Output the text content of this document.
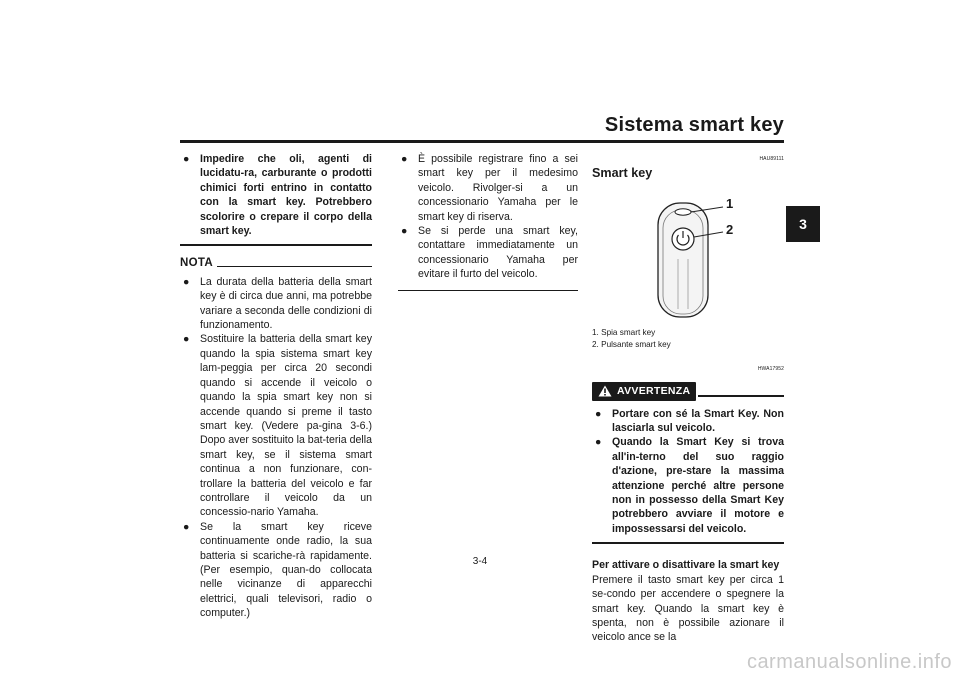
Sistema smart key
3
● Impedire che oli, agenti di lucidatu-ra, carburante o prodotti chimici forti entrino in contatto con la smart key. Potrebbero scolorire o crepare il corpo della smart key.
NOTA
● La durata della batteria della smart key è di circa due anni, ma potrebbe variare a seconda delle condizioni di funzionamento.
● Sostituire la batteria della smart key quando la spia sistema smart key lam-peggia per circa 20 secondi quando si accende il veicolo o quando la spia smart key non si accende quando si preme il tasto smart key. (Vedere pa-gina 3-6.) Dopo aver sostituito la bat-teria della smart key, se il sistema smart continua a non funzionare, con-trollare la batteria del veicolo e far controllare il veicolo da un concessio-nario Yamaha.
● Se la smart key riceve continuamente onde radio, la sua batteria si scariche-rà rapidamente. (Per esempio, quan-do collocata nelle vicinanze di apparecchi elettrici, quali televisori, radio o computer.)
● È possibile registrare fino a sei smart key per il medesimo veicolo. Rivolger-si a un concessionario Yamaha per le smart key di riserva.
● Se si perde una smart key, contattare immediatamente un concessionario Yamaha per evitare il furto del veicolo.
HAU89111
Smart key
1
2
1. Spia smart key
2. Pulsante smart key
HWA17952
AVVERTENZA
● Portare con sé la Smart Key. Non lasciarla sul veicolo.
● Quando la Smart Key si trova all'in-terno del suo raggio d'azione, pre-stare la massima attenzione perché altre persone non in possesso della Smart Key potrebbero avviare il motore e impossessarsi del veicolo.
Per attivare o disattivare la smart key
Premere il tasto smart key per circa 1 se-condo per accendere o spegnere la smart key. Quando la smart key è spenta, non è possibile azionare il veicolo ance se la
3-4
carmanualsonline.info
